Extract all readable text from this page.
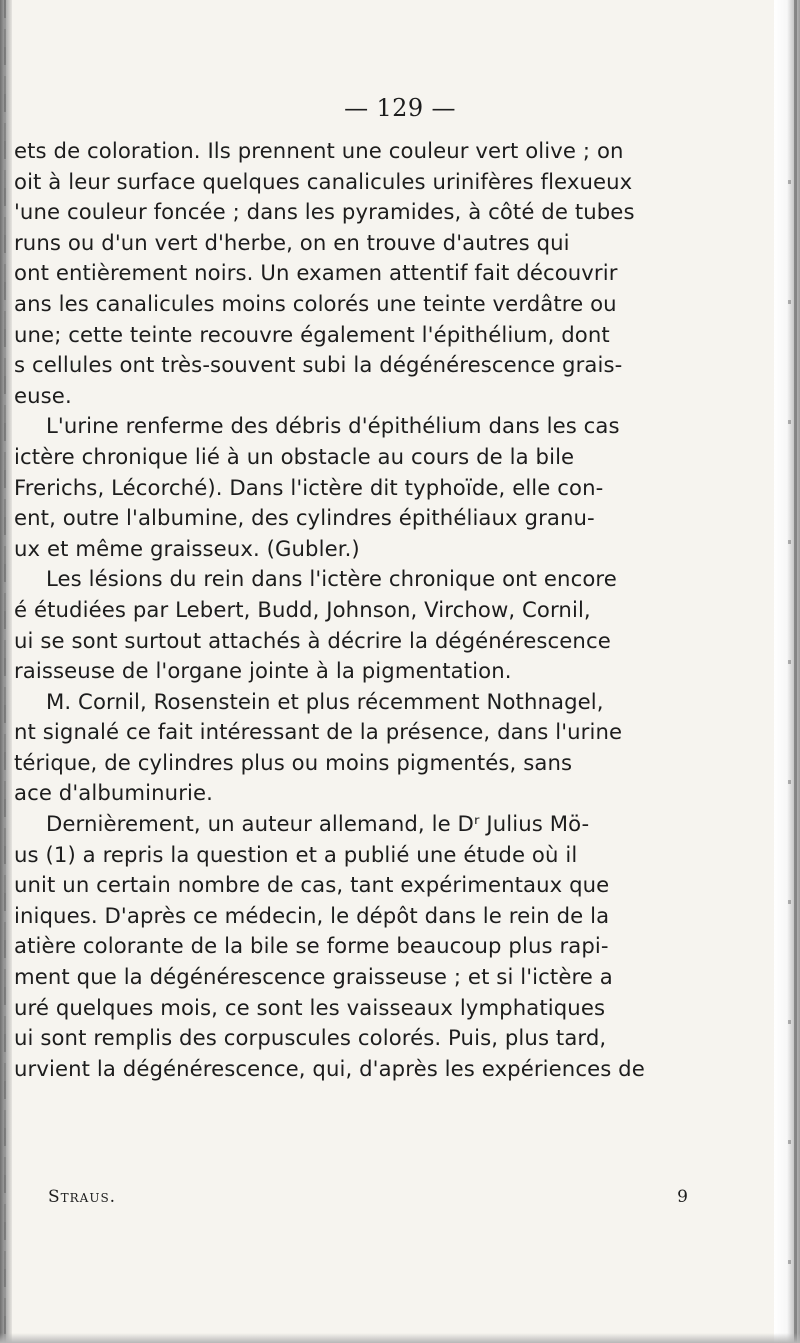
— 129 —
ets de coloration. Ils prennent une couleur vert olive ; on
oit à leur surface quelques canalicules urinifères flexueux
'une couleur foncée ; dans les pyramides, à côté de tubes
runs ou d'un vert d'herbe, on en trouve d'autres qui
ont entièrement noirs. Un examen attentif fait découvrir
ans les canalicules moins colorés une teinte verdâtre ou
une; cette teinte recouvre également l'épithélium, dont
s cellules ont très-souvent subi la dégénérescence grais-
euse.
L'urine renferme des débris d'épithélium dans les cas
ictère chronique lié à un obstacle au cours de la bile
Frerichs, Lécorché). Dans l'ictère dit typhoïde, elle con-
ent, outre l'albumine, des cylindres épithéliaux granu-
ux et même graisseux. (Gubler.)
Les lésions du rein dans l'ictère chronique ont encore
é étudiées par Lebert, Budd, Johnson, Virchow, Cornil,
ui se sont surtout attachés à décrire la dégénérescence
raisseuse de l'organe jointe à la pigmentation.
M. Cornil, Rosenstein et plus récemment Nothnagel,
nt signalé ce fait intéressant de la présence, dans l'urine
térique, de cylindres plus ou moins pigmentés, sans
ace d'albuminurie.
Dernièrement, un auteur allemand, le Dʳ Julius Mö-
us (1) a repris la question et a publié une étude où il
unit un certain nombre de cas, tant expérimentaux que
iniques. D'après ce médecin, le dépôt dans le rein de la
atière colorante de la bile se forme beaucoup plus rapi-
ment que la dégénérescence graisseuse ; et si l'ictère a
uré quelques mois, ce sont les vaisseaux lymphatiques
ui sont remplis des corpuscules colorés. Puis, plus tard,
urvient la dégénérescence, qui, d'après les expériences de

Straus.	9
